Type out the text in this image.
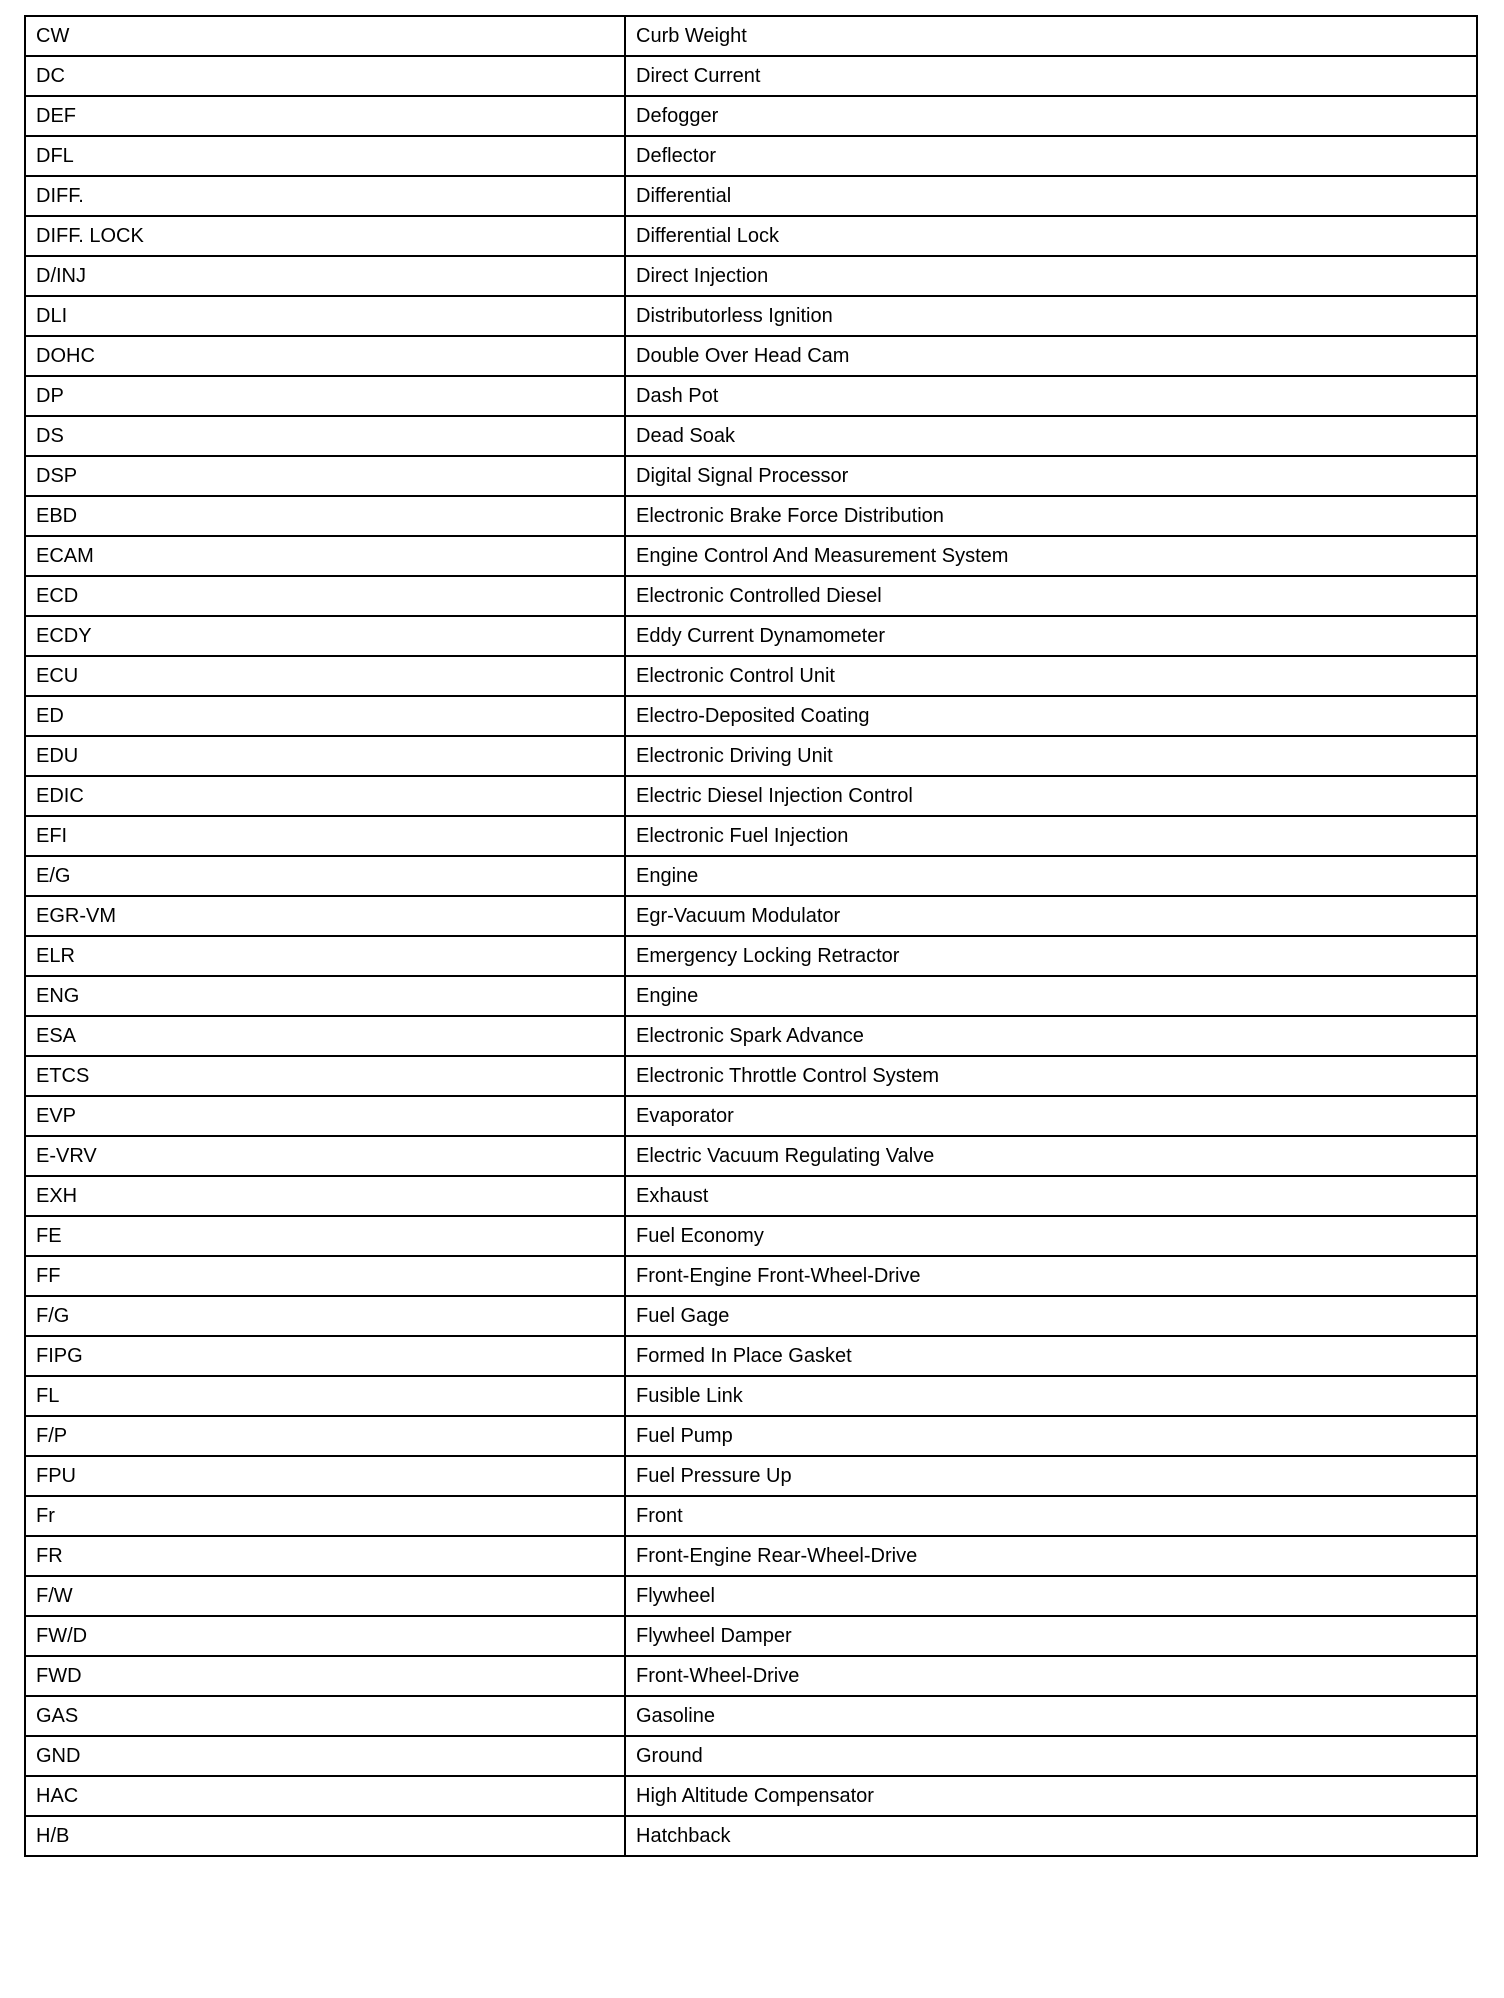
CW	Curb Weight
DC	Direct Current
DEF	Defogger
DFL	Deflector
DIFF.	Differential
DIFF. LOCK	Differential Lock
D/INJ	Direct Injection
DLI	Distributorless Ignition
DOHC	Double Over Head Cam
DP	Dash Pot
DS	Dead Soak
DSP	Digital Signal Processor
EBD	Electronic Brake Force Distribution
ECAM	Engine Control And Measurement System
ECD	Electronic Controlled Diesel
ECDY	Eddy Current Dynamometer
ECU	Electronic Control Unit
ED	Electro-Deposited Coating
EDU	Electronic Driving Unit
EDIC	Electric Diesel Injection Control
EFI	Electronic Fuel Injection
E/G	Engine
EGR-VM	Egr-Vacuum Modulator
ELR	Emergency Locking Retractor
ENG	Engine
ESA	Electronic Spark Advance
ETCS	Electronic Throttle Control System
EVP	Evaporator
E-VRV	Electric Vacuum Regulating Valve
EXH	Exhaust
FE	Fuel Economy
FF	Front-Engine Front-Wheel-Drive
F/G	Fuel Gage
FIPG	Formed In Place Gasket
FL	Fusible Link
F/P	Fuel Pump
FPU	Fuel Pressure Up
Fr	Front
FR	Front-Engine Rear-Wheel-Drive
F/W	Flywheel
FW/D	Flywheel Damper
FWD	Front-Wheel-Drive
GAS	Gasoline
GND	Ground
HAC	High Altitude Compensator
H/B	Hatchback
